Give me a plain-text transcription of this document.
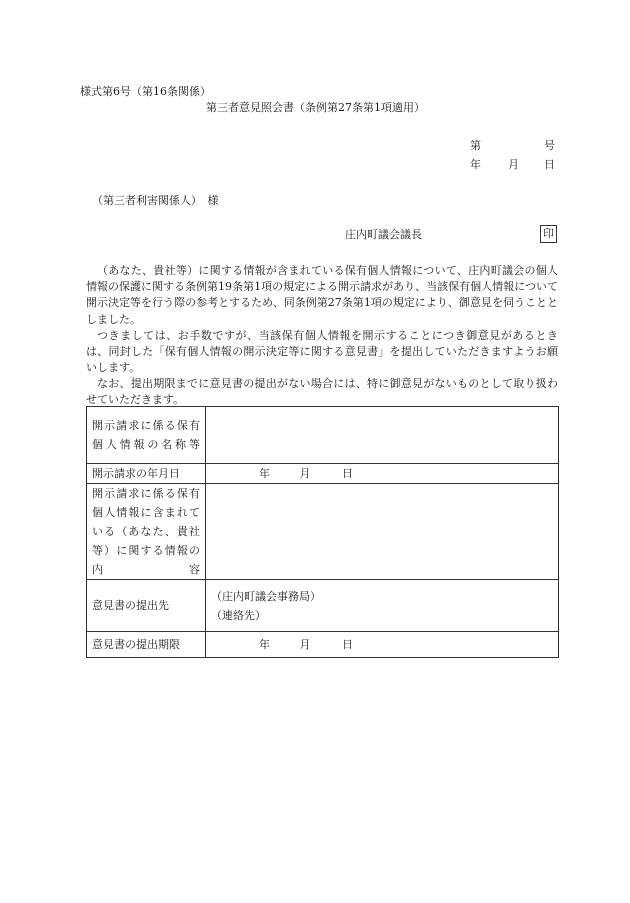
様式第6号（第16条関係）
第三者意見照会書（条例第27条第1項適用）
第	号
年 月 日
（第三者利害関係人）　様
庄内町議会議長	印
（あなた、貴社等）に関する情報が含まれている保有個人情報について、庄内町議会の個人情報の保護に関する条例第19条第1項の規定による開示請求があり、当該保有個人情報について開示決定等を行う際の参考とするため、同条例第27条第1項の規定により、御意見を伺うこととしました。
つきましては、お手数ですが、当該保有個人情報を開示することにつき御意見があるときは、同封した「保有個人情報の開示決定等に関する意見書」を提出していただきますようお願いします。
なお、提出期限までに意見書の提出がない場合には、特に御意見がないものとして取り扱わせていただきます。
開示請求に係る保有個人情報の名称等	
開示請求の年月日	年 月 日
開示請求に係る保有個人情報に含まれている（あなた、貴社等）に関する情報の内容	
意見書の提出先	（庄内町議会事務局）
（連絡先）

意見書の提出期限	年 月 日
